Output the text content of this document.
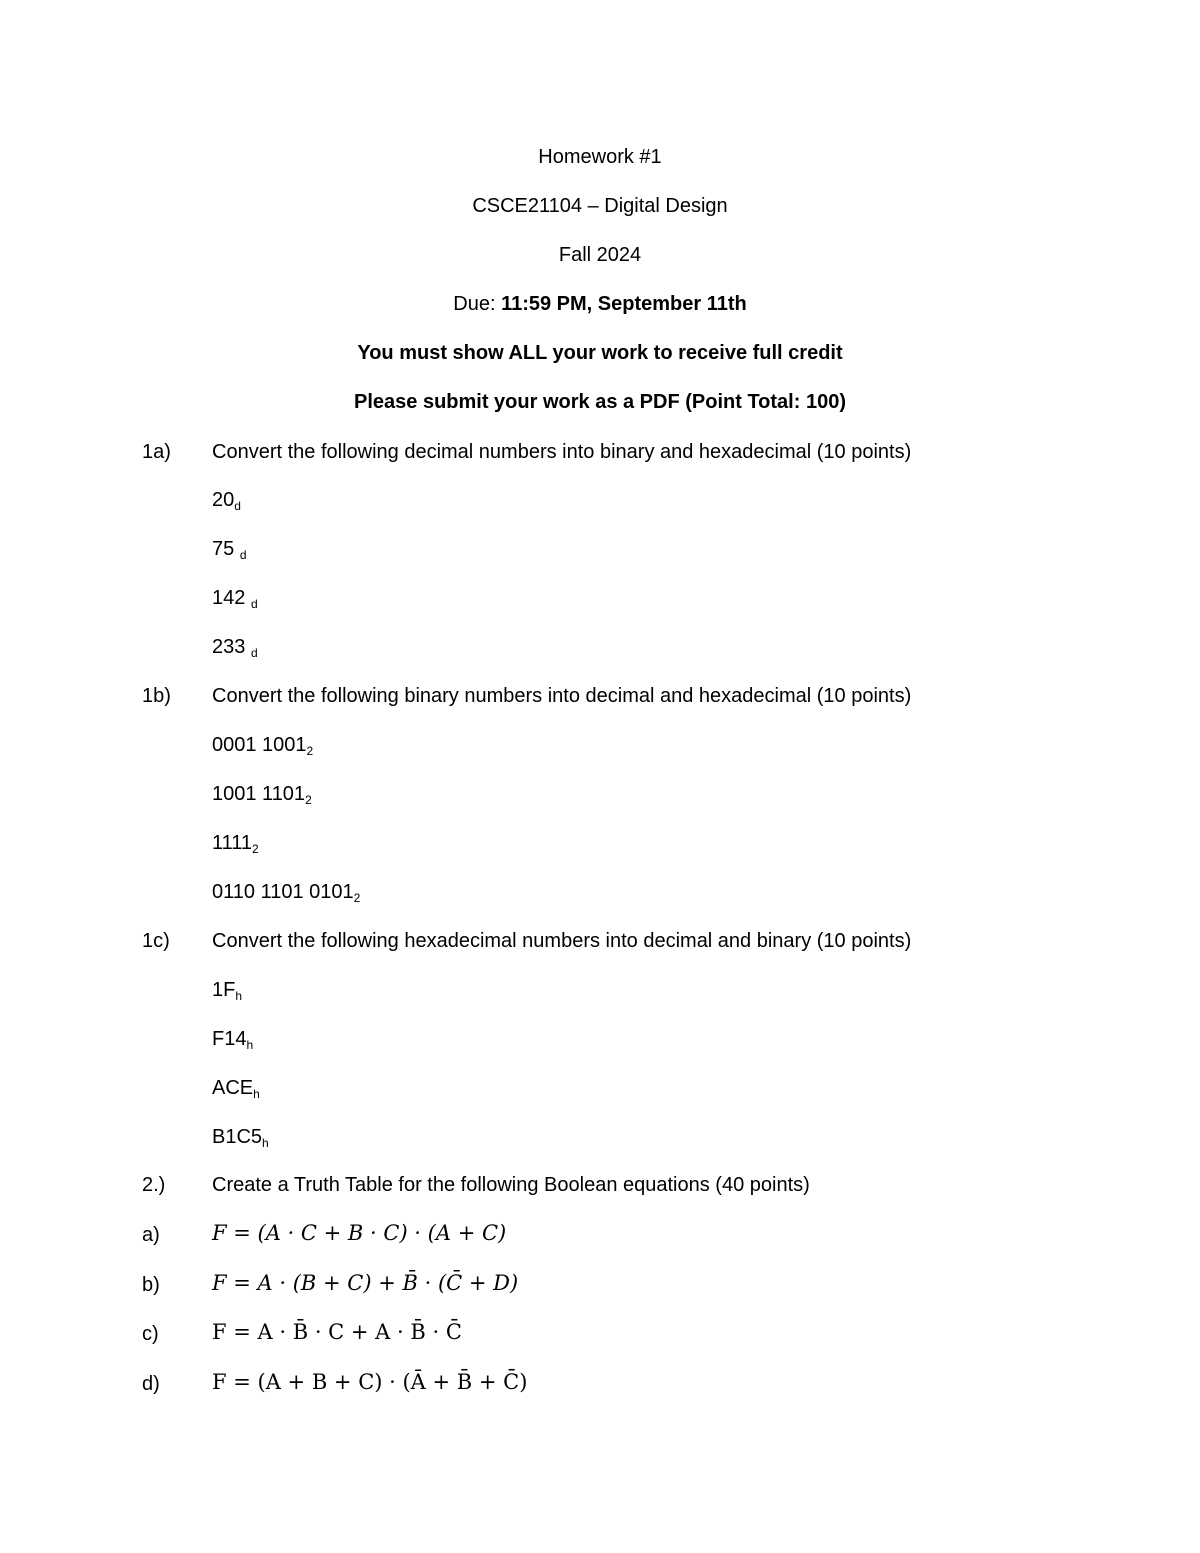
Homework #1
CSCE21104 – Digital Design
Fall 2024
Due: 11:59 PM, September 11th
You must show ALL your work to receive full credit
Please submit your work as a PDF (Point Total: 100)
1a) Convert the following decimal numbers into binary and hexadecimal (10 points)
$20_d$
75 $_d$
142 $_d$
233 $_d$
1b) Convert the following binary numbers into decimal and hexadecimal (10 points)
0001 $1001_2$
1001 $1101_2$
$1111_2$
0110 1101 $0101_2$
1c) Convert the following hexadecimal numbers into decimal and binary (10 points)
$1F_h$
$F14_h$
$ACE_h$
$B1C5_h$
2.) Create a Truth Table for the following Boolean equations (40 points)
a) F = (A · C + B · C) · (A + C)
b) F = A · (B + C) + B̄ · (C̄ + D)
c)	F = A · B̄ · C + A · B̄ · C̄
d) F = (A + B + C) · (Ā + B̄ + C̄)
